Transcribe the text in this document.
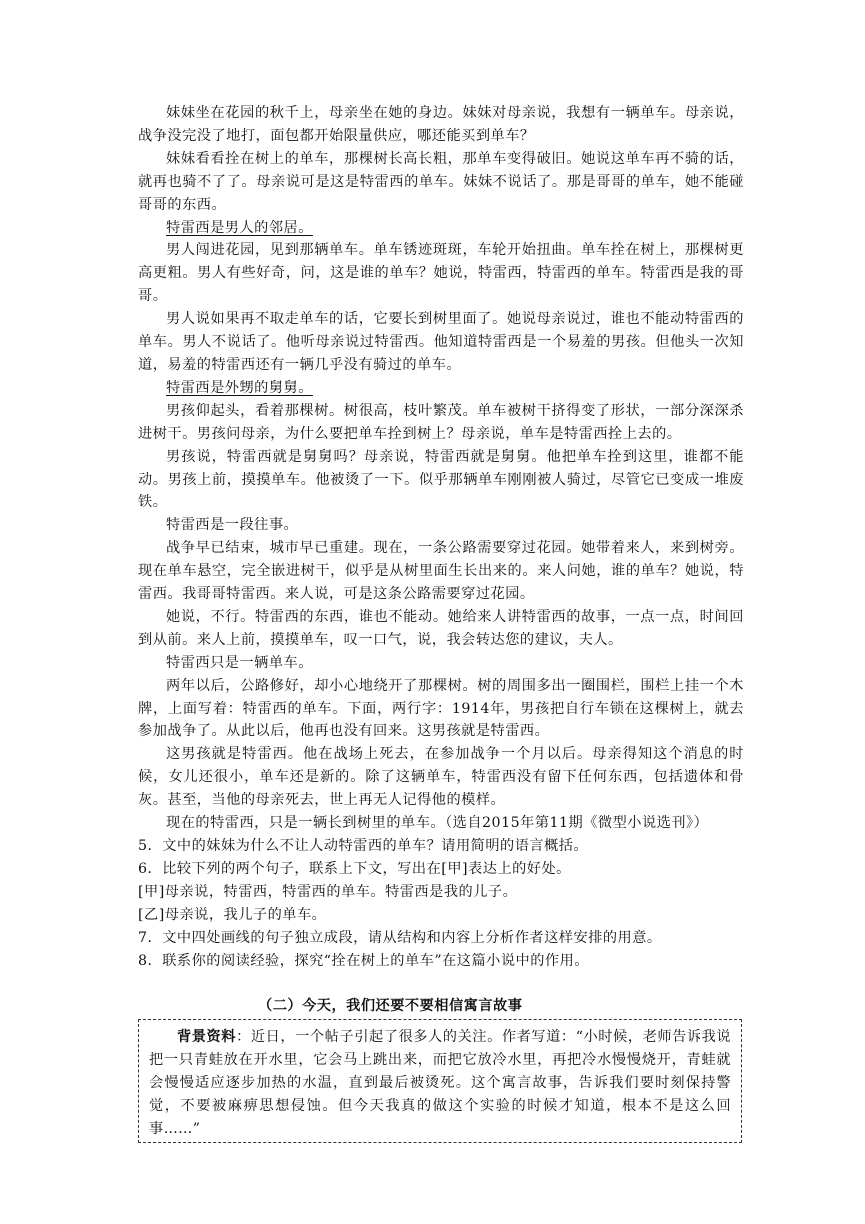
妹妹坐在花园的秋千上，母亲坐在她的身边。妹妹对母亲说，我想有一辆单车。母亲说，战争没完没了地打，面包都开始限量供应，哪还能买到单车？

妹妹看看拴在树上的单车，那棵树长高长粗，那单车变得破旧。她说这单车再不骑的话，就再也骑不了了。母亲说可是这是特雷西的单车。妹妹不说话了。那是哥哥的单车，她不能碰哥哥的东西。

特雷西是男人的邻居。

男人闯进花园，见到那辆单车。单车锈迹斑斑，车轮开始扭曲。单车拴在树上，那棵树更高更粗。男人有些好奇，问，这是谁的单车？她说，特雷西，特雷西的单车。特雷西是我的哥哥。

男人说如果再不取走单车的话，它要长到树里面了。她说母亲说过，谁也不能动特雷西的单车。男人不说话了。他听母亲说过特雷西。他知道特雷西是一个易羞的男孩。但他头一次知道，易羞的特雷西还有一辆几乎没有骑过的单车。

特雷西是外甥的舅舅。

男孩仰起头，看着那棵树。树很高，枝叶繁茂。单车被树干挤得变了形状，一部分深深杀进树干。男孩问母亲，为什么要把单车拴到树上？母亲说，单车是特雷西拴上去的。

男孩说，特雷西就是舅舅吗？母亲说，特雷西就是舅舅。他把单车拴到这里，谁都不能动。男孩上前，摸摸单车。他被烫了一下。似乎那辆单车刚刚被人骑过，尽管它已变成一堆废铁。

特雷西是一段往事。

战争早已结束，城市早已重建。现在，一条公路需要穿过花园。她带着来人，来到树旁。现在单车悬空，完全嵌进树干，似乎是从树里面生长出来的。来人问她，谁的单车？她说，特雷西。我哥哥特雷西。来人说，可是这条公路需要穿过花园。

她说，不行。特雷西的东西，谁也不能动。她给来人讲特雷西的故事，一点一点，时间回到从前。来人上前，摸摸单车，叹一口气，说，我会转达您的建议，夫人。

特雷西只是一辆单车。

两年以后，公路修好，却小心地绕开了那棵树。树的周围多出一圈围栏，围栏上挂一个木牌，上面写着：特雷西的单车。下面，两行字：1914年，男孩把自行车锁在这棵树上，就去参加战争了。从此以后，他再也没有回来。这男孩就是特雷西。

这男孩就是特雷西。他在战场上死去，在参加战争一个月以后。母亲得知这个消息的时候，女儿还很小，单车还是新的。除了这辆单车，特雷西没有留下任何东西，包括遗体和骨灰。甚至，当他的母亲死去，世上再无人记得他的模样。

现在的特雷西，只是一辆长到树里的单车。（选自2015年第11期《微型小说选刊》）

5．文中的妹妹为什么不让人动特雷西的单车？请用简明的语言概括。

6．比较下列的两个句子，联系上下文，写出在[甲]表达上的好处。

[甲]母亲说，特雷西，特雷西的单车。特雷西是我的儿子。

[乙]母亲说，我儿子的单车。

7．文中四处画线的句子独立成段，请从结构和内容上分析作者这样安排的用意。

8．联系你的阅读经验，探究“拴在树上的单车”在这篇小说中的作用。

（二）今天，我们还要不要相信寓言故事

背景资料：近日，一个帖子引起了很多人的关注。作者写道：“小时候，老师告诉我说把一只青蛙放在开水里，它会马上跳出来，而把它放冷水里，再把冷水慢慢烧开，青蛙就会慢慢适应逐步加热的水温，直到最后被烫死。这个寓言故事，告诉我们要时刻保持警觉，不要被麻痹思想侵蚀。但今天我真的做这个实验的时候才知道，根本不是这么回事……”
